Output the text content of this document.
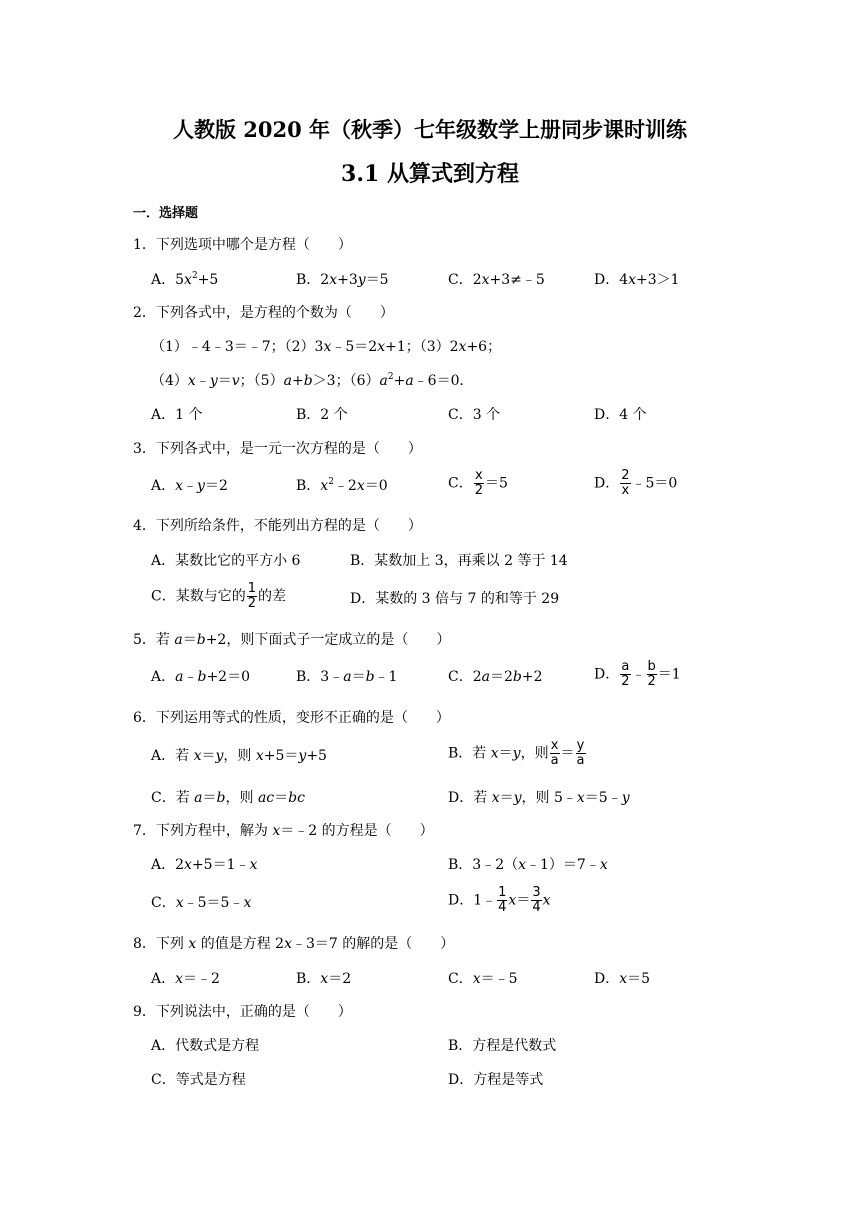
人教版 2020 年（秋季）七年级数学上册同步课时训练
3.1 从算式到方程
一．选择题
1．下列选项中哪个是方程（　　）
A．$5x^2+5$	B．2x+3y＝5	C．2x+3≠﹣5	D．4x+3＞1
2．下列各式中，是方程的个数为（　　）
（1）﹣4﹣3＝﹣7；（2）3x﹣5＝2x+1；（3）2x+6；
（4）x﹣y＝v；（5）a+b＞3；$(6)a^2+a﹣6=0$．
A．1 个	B．2 个	C．3 个	D．4 个
3．下列各式中，是一元一次方程的是（　　）
A．x﹣y＝2	B．$x^2﹣2x=0$	C． $\frac{x}{2} =5$	D． $\frac{2}{x}$ ﹣5＝0
4．下列所给条件，不能列出方程的是（　　）
A．某数比它的平方小 6	B．某数加上 3，再乘以 2 等于 14
C．某数与它的 $\frac{1}{2}$ 的差	D．某数的 3 倍与 7 的和等于 29
5．若 a＝b+2，则下面式子一定成立的是（　　）
A．a﹣b+2＝0	B．3﹣a＝b﹣1	C．2a＝2b+2	D． $\frac{a}{2}$ ﹣ $\frac{b}{2} =1$
6．下列运用等式的性质，变形不正确的是（　　）
A．若 x＝y，则 x+5＝y+5	B．若 x＝y，则 $\frac{x}{a} = \frac{y}{a}$
C．若 a＝b，则 ac＝bc	D．若 x＝y，则 5﹣x＝5﹣y
7．下列方程中，解为 x＝﹣2 的方程是（　　）
A．2x+5＝1﹣x	B．3﹣2（x﹣1）＝7﹣x
C．x﹣5＝5﹣x	D．1﹣ $\frac{1}{4} x= \frac{3}{4}$ x
8．下列 x 的值是方程 2x﹣3＝7 的解的是（　　）
A．x＝﹣2	B．x＝2	C．x＝﹣5	D．x＝5
9．下列说法中，正确的是（　　）
A．代数式是方程	B．方程是代数式
C．等式是方程	D．方程是等式
